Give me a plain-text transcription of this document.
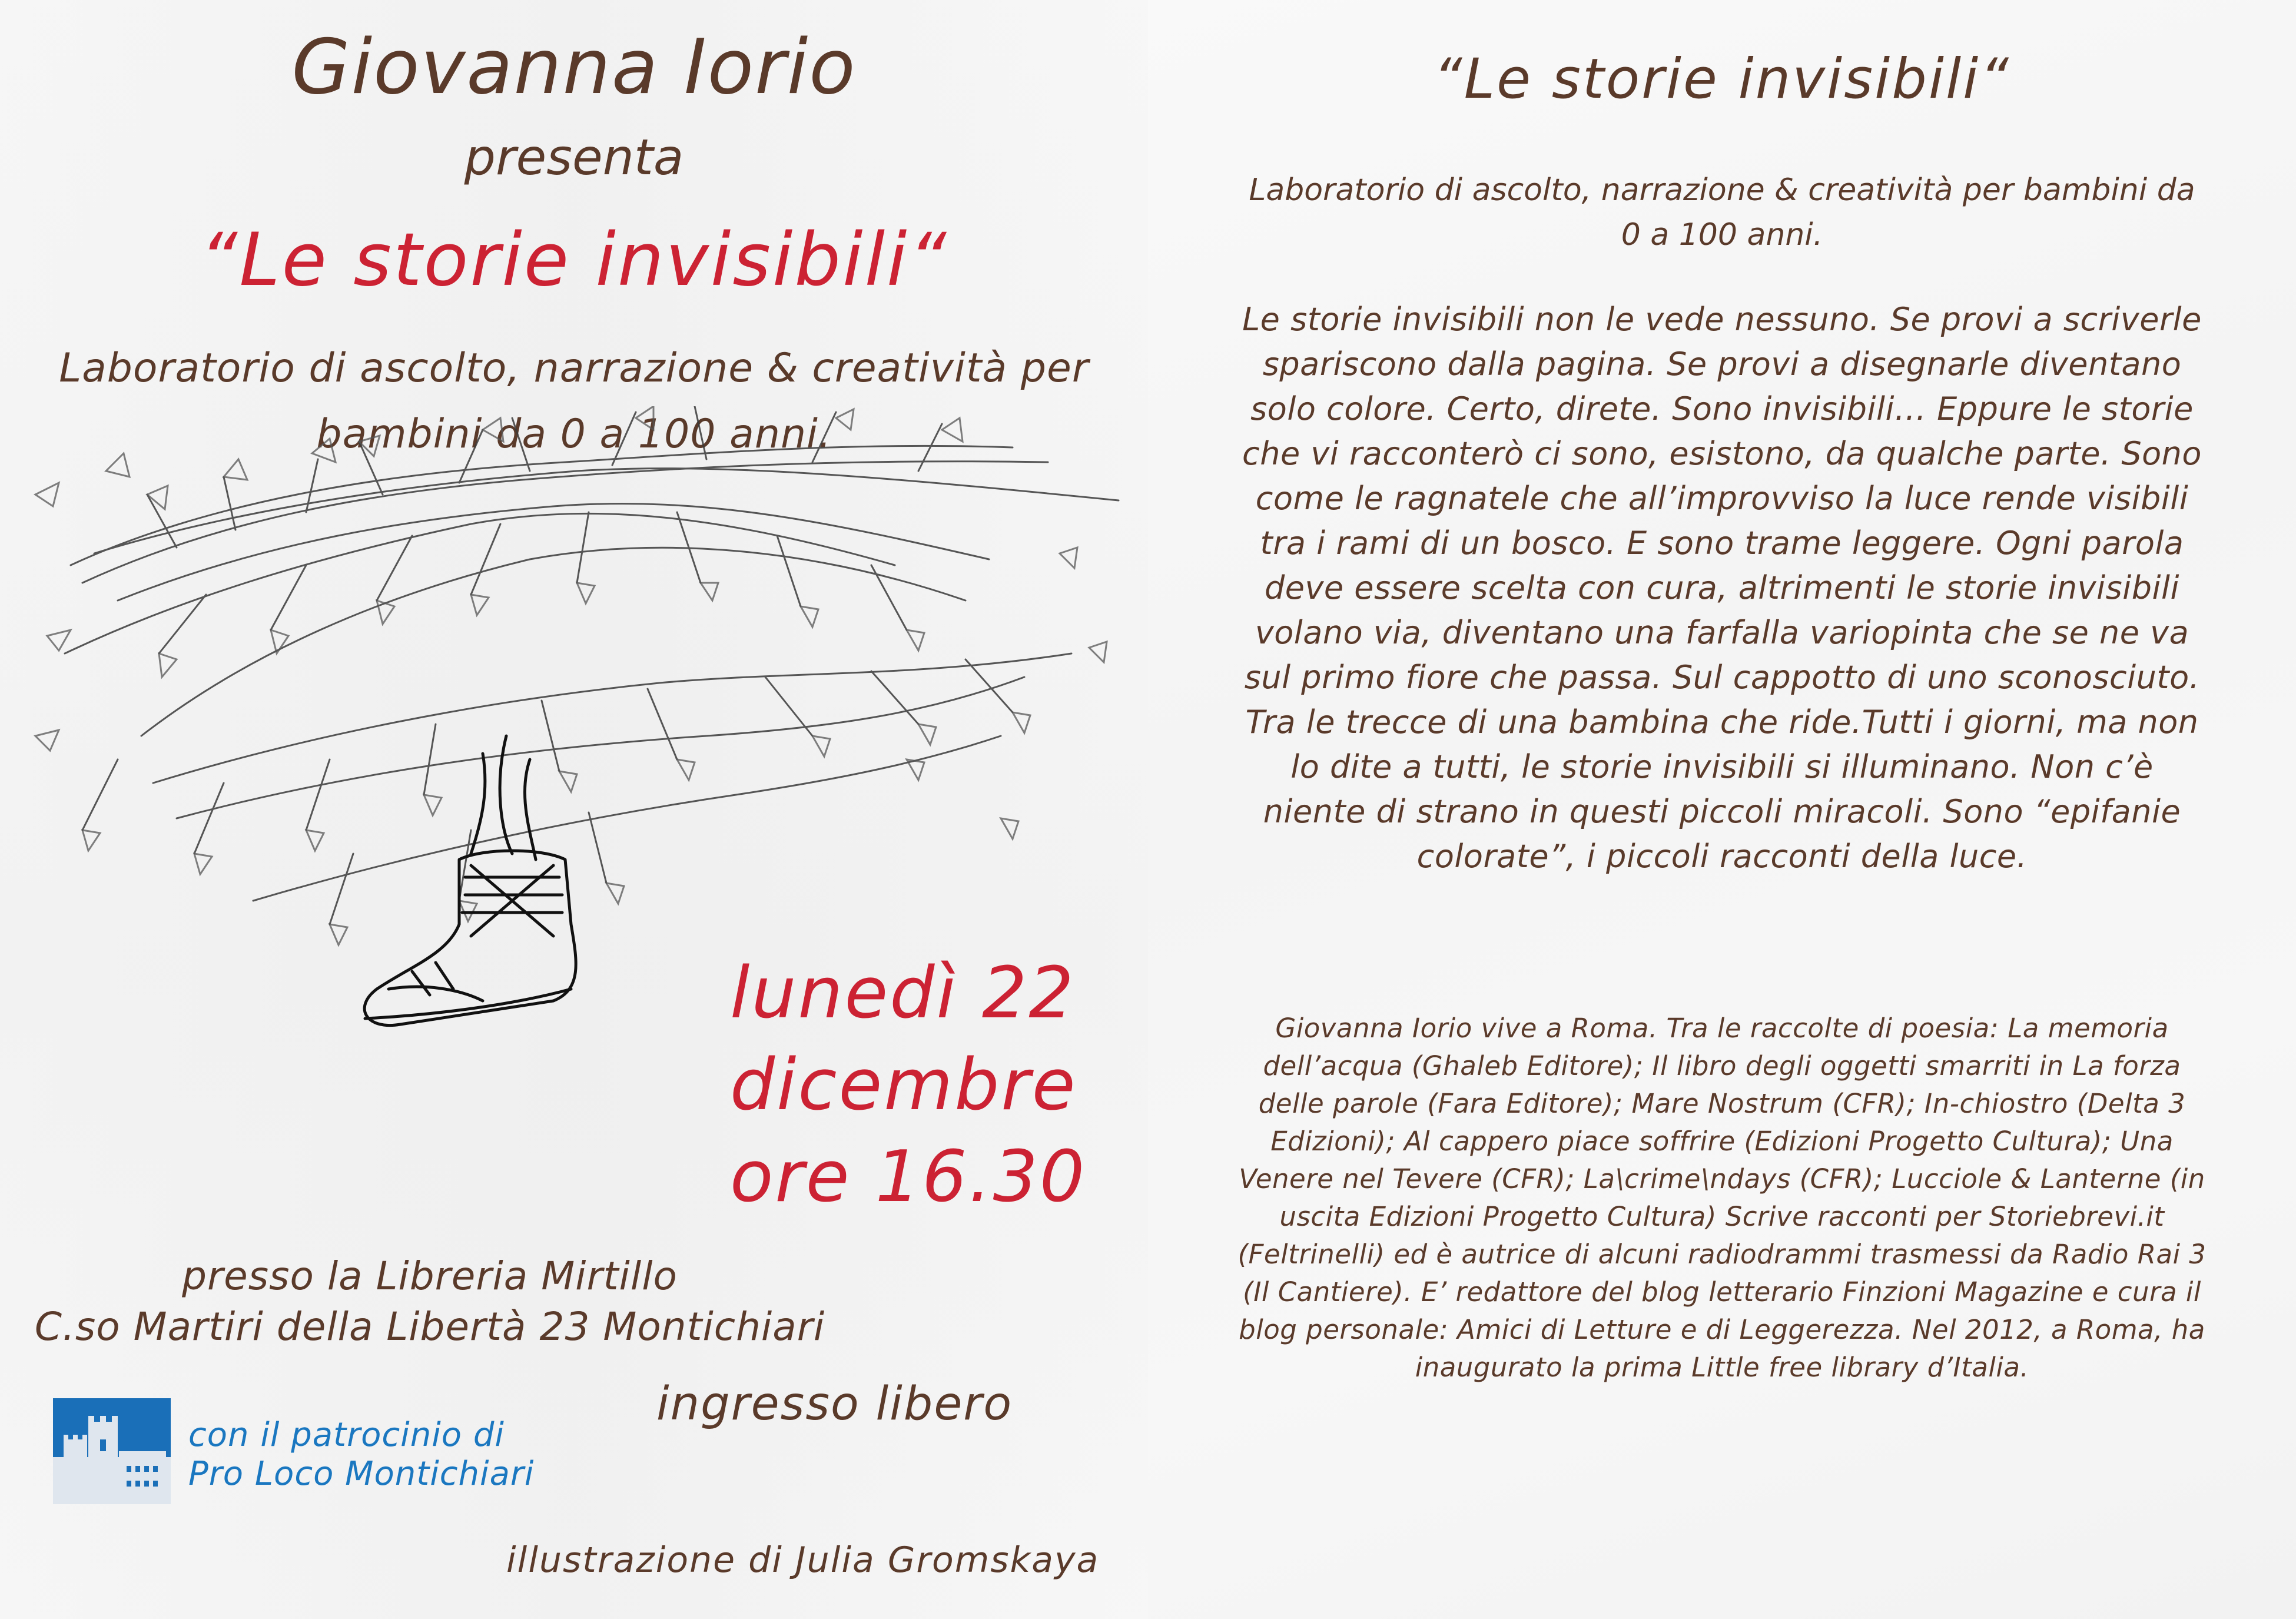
Giovanna Iorio

presenta

“Le storie invisibili“

Laboratorio di ascolto, narrazione & creatività per bambini da 0 a 100 anni.

lunedì 22
dicembre
ore 16.30

presso la Libreria Mirtillo
C.so Martiri della Libertà 23 Montichiari

ingresso libero

con il patrocinio di
Pro Loco Montichiari

illustrazione di Julia Gromskaya

“Le storie invisibili“

Laboratorio di ascolto, narrazione & creatività per bambini da 0 a 100 anni.

Le storie invisibili non le vede nessuno. Se provi a scriverle spariscono dalla pagina. Se provi a disegnarle diventano solo colore. Certo, direte. Sono invisibili… Eppure le storie che vi racconterò ci sono, esistono, da qualche parte. Sono come le ragnatele che all’improvviso la luce rende visibili tra i rami di un bosco. E sono trame leggere. Ogni parola deve essere scelta con cura, altrimenti le storie invisibili volano via, diventano una farfalla variopinta che se ne va sul primo fiore che passa. Sul cappotto di uno sconosciuto. Tra le trecce di una bambina che ride.Tutti i giorni, ma non lo dite a tutti, le storie invisibili si illuminano. Non c’è niente di strano in questi piccoli miracoli. Sono “epifanie colorate”, i piccoli racconti della luce.

Giovanna Iorio vive a Roma. Tra le raccolte di poesia: La memoria dell’acqua (Ghaleb Editore); Il libro degli oggetti smarriti in La forza delle parole (Fara Editore); Mare Nostrum (CFR); In-chiostro (Delta 3 Edizioni); Al cappero piace soffrire (Edizioni Progetto Cultura); Una Venere nel Tevere (CFR); La\crime\ndays (CFR); Lucciole & Lanterne (in uscita Edizioni Progetto Cultura) Scrive racconti per Storiebrevi.it (Feltrinelli) ed è autrice di alcuni radiodrammi trasmessi da Radio Rai 3 (Il Cantiere). E’ redattore del blog letterario Finzioni Magazine e cura il blog personale: Amici di Letture e di Leggerezza. Nel 2012, a Roma, ha inaugurato la prima Little free library d’Italia.
